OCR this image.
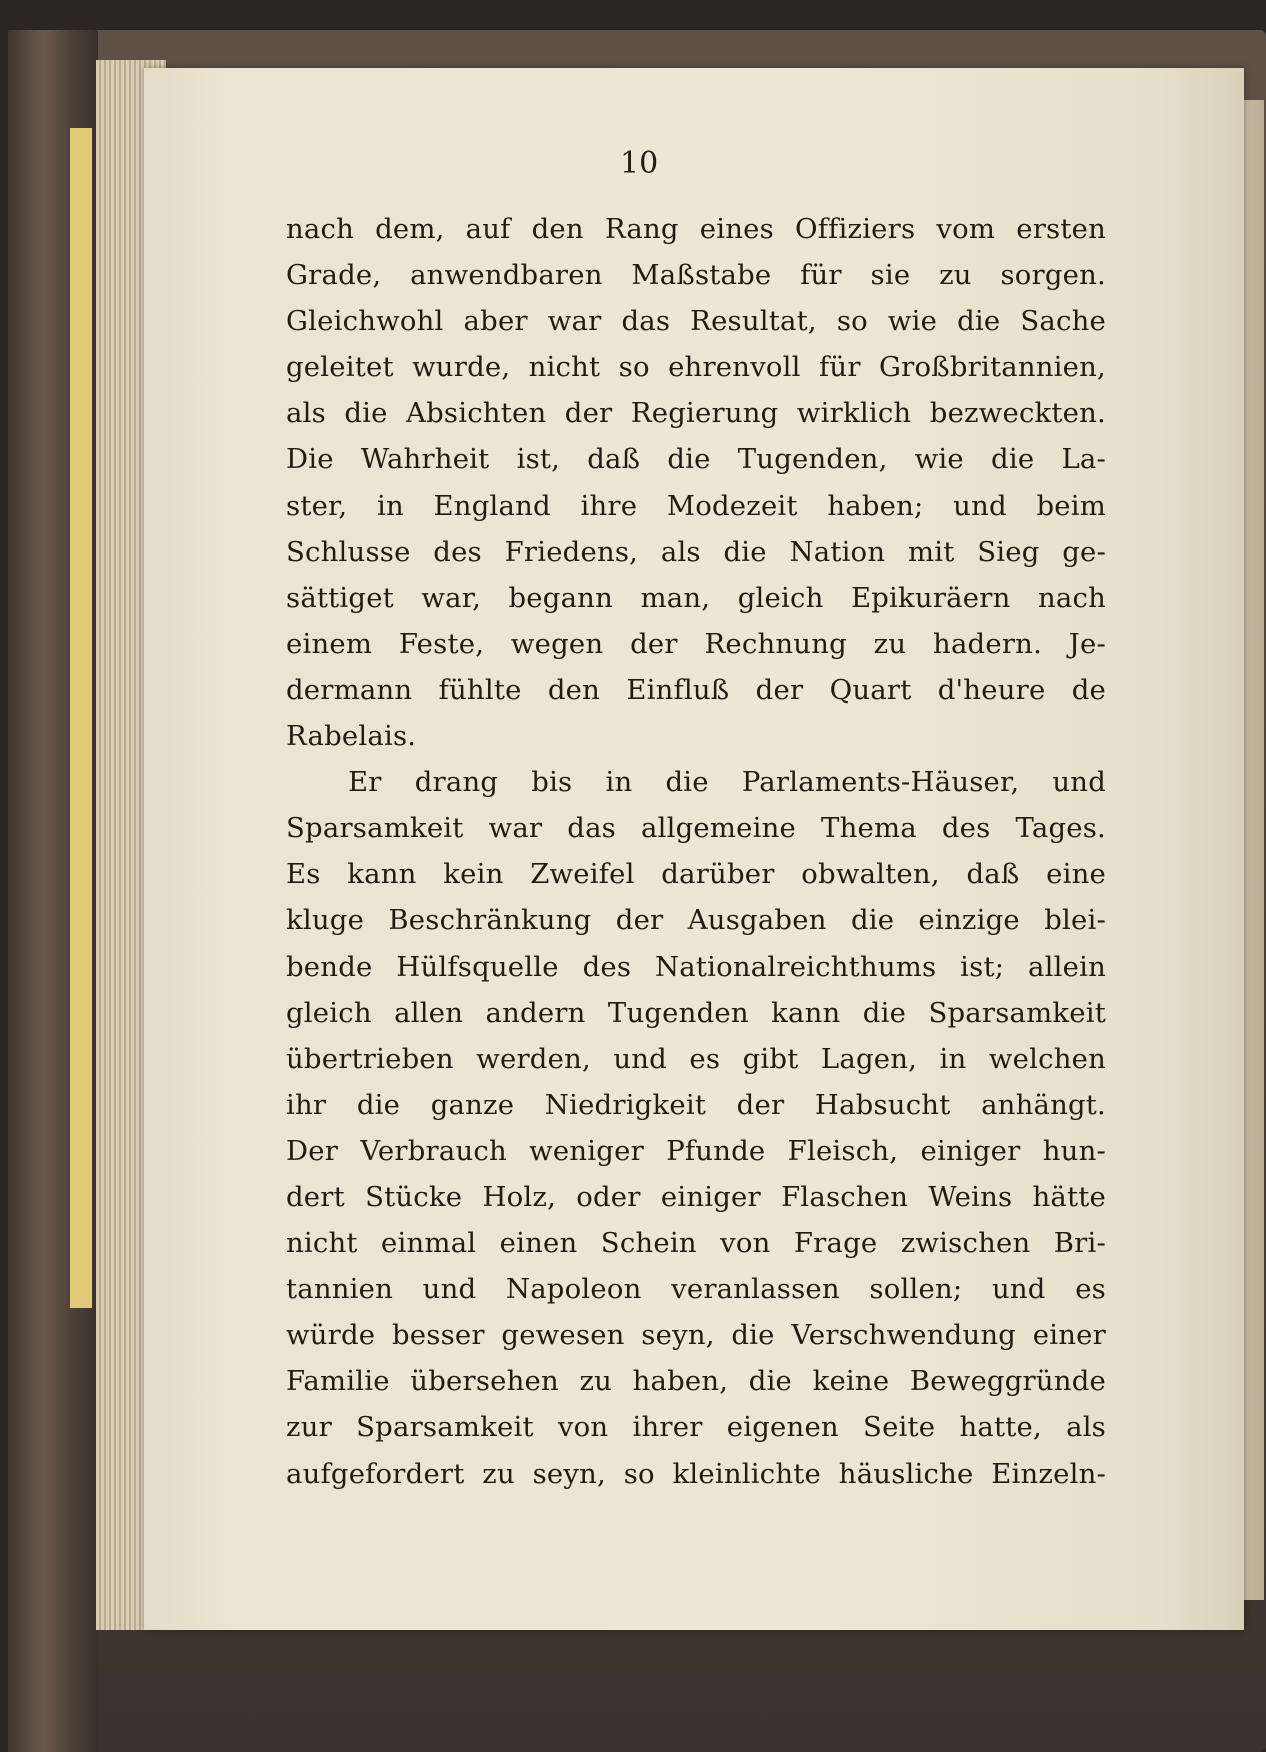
10
nach dem, auf den Rang eines Offiziers vom ersten
Grade, anwendbaren Maßstabe für sie zu sorgen.
Gleichwohl aber war das Resultat, so wie die Sache
geleitet wurde, nicht so ehrenvoll für Großbritannien,
als die Absichten der Regierung wirklich bezweckten.
Die Wahrheit ist, daß die Tugenden, wie die La-
ster, in England ihre Modezeit haben; und beim
Schlusse des Friedens, als die Nation mit Sieg ge-
sättiget war, begann man, gleich Epikuräern nach
einem Feste, wegen der Rechnung zu hadern. Je-
dermann fühlte den Einfluß der Quart d'heure de
Rabelais.
Er drang bis in die Parlaments-Häuser, und
Sparsamkeit war das allgemeine Thema des Tages.
Es kann kein Zweifel darüber obwalten, daß eine
kluge Beschränkung der Ausgaben die einzige blei-
bende Hülfsquelle des Nationalreichthums ist; allein
gleich allen andern Tugenden kann die Sparsamkeit
übertrieben werden, und es gibt Lagen, in welchen
ihr die ganze Niedrigkeit der Habsucht anhängt.
Der Verbrauch weniger Pfunde Fleisch, einiger hun-
dert Stücke Holz, oder einiger Flaschen Weins hätte
nicht einmal einen Schein von Frage zwischen Bri-
tannien und Napoleon veranlassen sollen; und es
würde besser gewesen seyn, die Verschwendung einer
Familie übersehen zu haben, die keine Beweggründe
zur Sparsamkeit von ihrer eigenen Seite hatte, als
aufgefordert zu seyn, so kleinlichte häusliche Einzeln-
